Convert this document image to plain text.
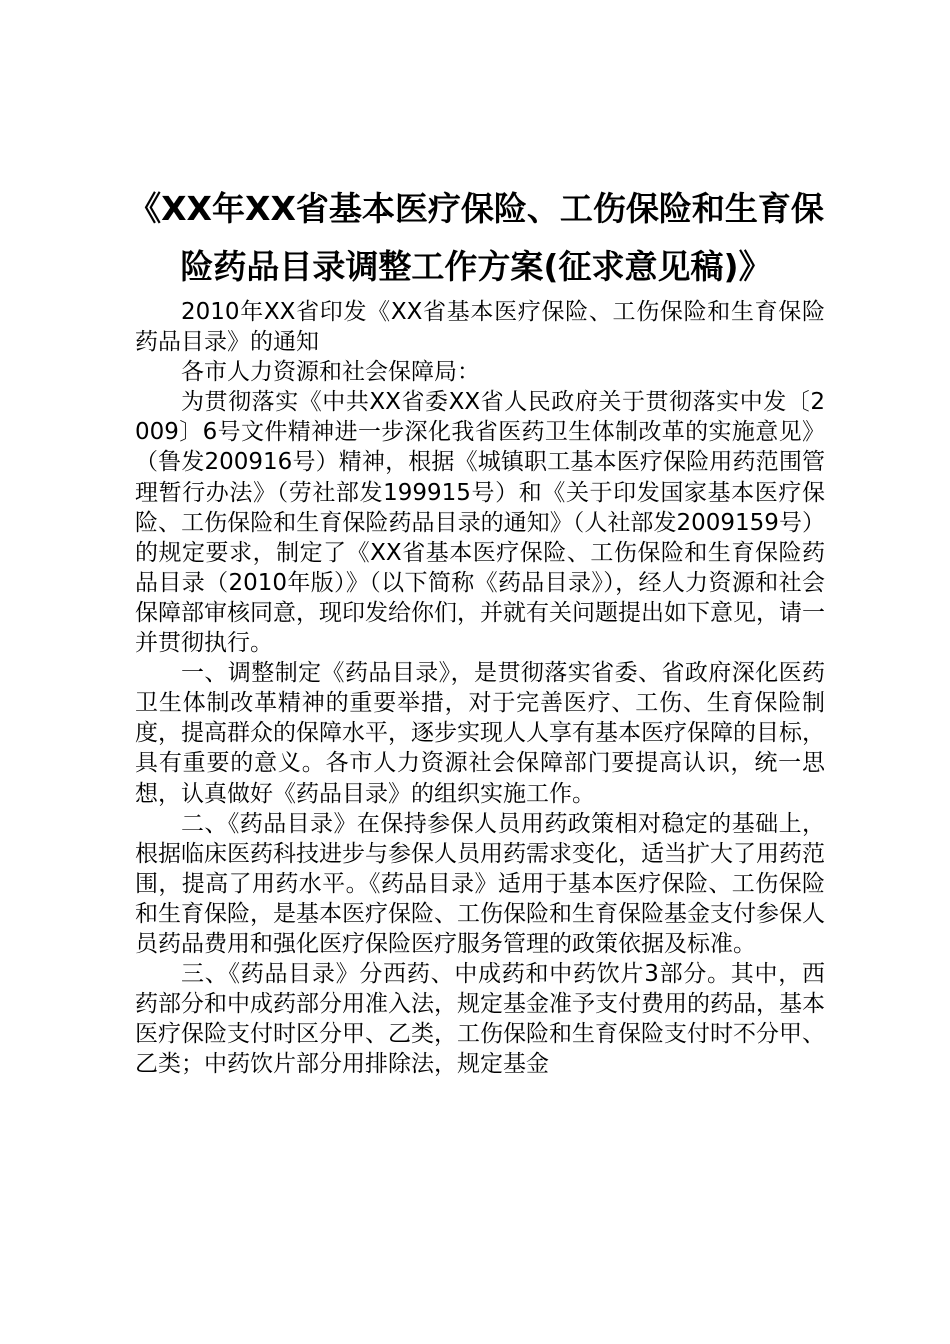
《XX年XX省基本医疗保险、工伤保险和生育保险药品目录调整工作方案(征求意见稿)》

2010年XX省印发《XX省基本医疗保险、工伤保险和生育保险药品目录》的通知

各市人力资源和社会保障局：

为贯彻落实《中共XX省委XX省人民政府关于贯彻落实中发〔2009〕6号文件精神进一步深化我省医药卫生体制改革的实施意见》（鲁发200916号）精神，根据《城镇职工基本医疗保险用药范围管理暂行办法》（劳社部发199915号）和《关于印发国家基本医疗保险、工伤保险和生育保险药品目录的通知》（人社部发2009159号）的规定要求，制定了《XX省基本医疗保险、工伤保险和生育保险药品目录（2010年版）》（以下简称《药品目录》），经人力资源和社会保障部审核同意，现印发给你们，并就有关问题提出如下意见，请一并贯彻执行。

一、调整制定《药品目录》，是贯彻落实省委、省政府深化医药卫生体制改革精神的重要举措，对于完善医疗、工伤、生育保险制度，提高群众的保障水平，逐步实现人人享有基本医疗保障的目标，具有重要的意义。各市人力资源社会保障部门要提高认识，统一思想，认真做好《药品目录》的组织实施工作。

二、《药品目录》在保持参保人员用药政策相对稳定的基础上，根据临床医药科技进步与参保人员用药需求变化，适当扩大了用药范围，提高了用药水平。《药品目录》适用于基本医疗保险、工伤保险和生育保险，是基本医疗保险、工伤保险和生育保险基金支付参保人员药品费用和强化医疗保险医疗服务管理的政策依据及标准。

三、《药品目录》分西药、中成药和中药饮片3部分。其中，西药部分和中成药部分用准入法，规定基金准予支付费用的药品，基本医疗保险支付时区分甲、乙类，工伤保险和生育保险支付时不分甲、乙类；中药饮片部分用排除法，规定基金
